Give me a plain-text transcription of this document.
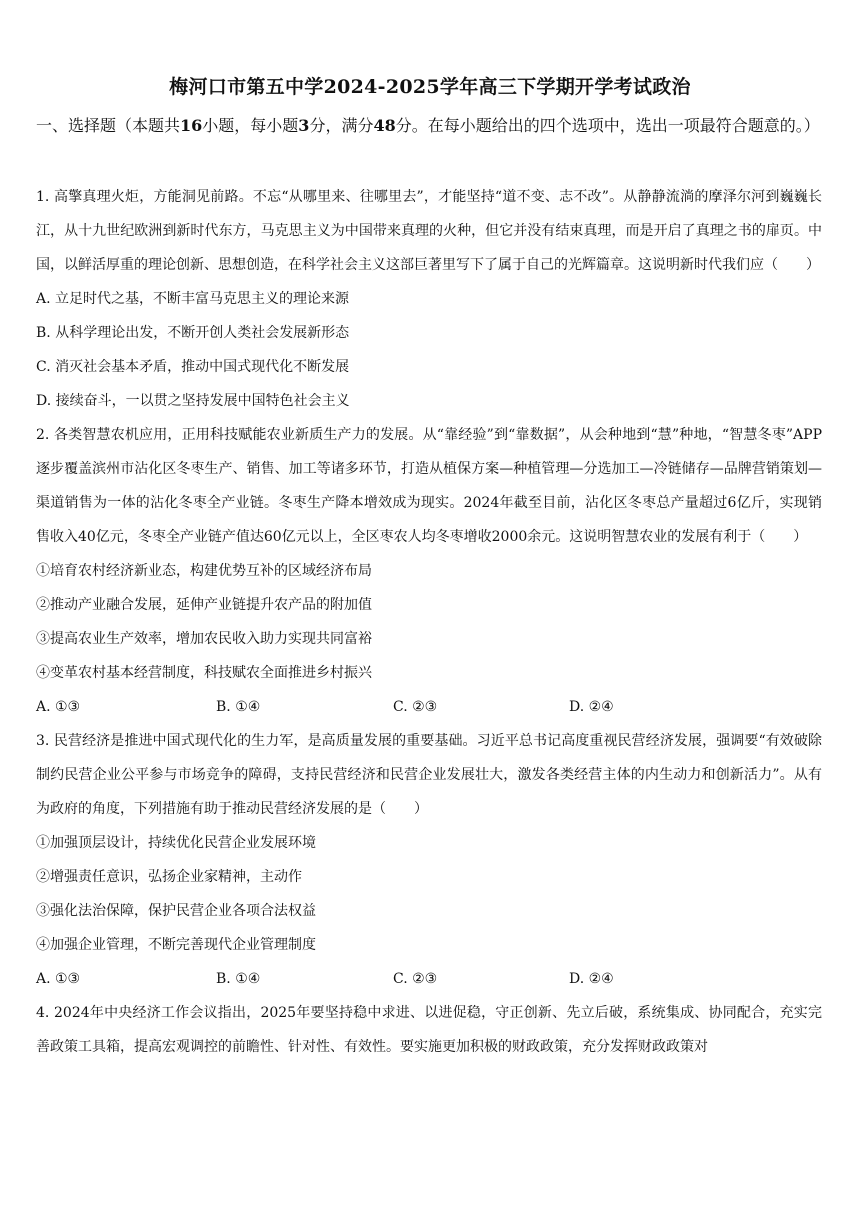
梅河口市第五中学2024-2025学年高三下学期开学考试政治
一、选择题（本题共16小题，每小题3分，满分48分。在每小题给出的四个选项中，选出一项最符合题意的。）

1. 高擎真理火炬，方能洞见前路。不忘“从哪里来、往哪里去”，才能坚持“道不变、志不改”。从静静流淌的摩泽尔河到巍巍长江，从十九世纪欧洲到新时代东方，马克思主义为中国带来真理的火种，但它并没有结束真理，而是开启了真理之书的扉页。中国，以鲜活厚重的理论创新、思想创造，在科学社会主义这部巨著里写下了属于自己的光辉篇章。这说明新时代我们应（　　）

A. 立足时代之基，不断丰富马克思主义的理论来源

B. 从科学理论出发，不断开创人类社会发展新形态

C. 消灭社会基本矛盾，推动中国式现代化不断发展

D. 接续奋斗，一以贯之坚持发展中国特色社会主义

2. 各类智慧农机应用，正用科技赋能农业新质生产力的发展。从“靠经验”到“靠数据”，从会种地到“慧”种地，“智慧冬枣”APP逐步覆盖滨州市沾化区冬枣生产、销售、加工等诸多环节，打造从植保方案—种植管理—分选加工—冷链储存—品牌营销策划—渠道销售为一体的沾化冬枣全产业链。冬枣生产降本增效成为现实。2024年截至目前，沾化区冬枣总产量超过6亿斤，实现销售收入40亿元，冬枣全产业链产值达60亿元以上，全区枣农人均冬枣增收2000余元。这说明智慧农业的发展有利于（　　）

①培育农村经济新业态，构建优势互补的区域经济布局

②推动产业融合发展，延伸产业链提升农产品的附加值

③提高农业生产效率，增加农民收入助力实现共同富裕

④变革农村基本经营制度，科技赋农全面推进乡村振兴

A. ①③	B. ①④	C. ②③	D. ②④

3. 民营经济是推进中国式现代化的生力军，是高质量发展的重要基础。习近平总书记高度重视民营经济发展，强调要“有效破除制约民营企业公平参与市场竞争的障碍，支持民营经济和民营企业发展壮大，激发各类经营主体的内生动力和创新活力”。从有为政府的角度，下列措施有助于推动民营经济发展的是（　　）

①加强顶层设计，持续优化民营企业发展环境

②增强责任意识，弘扬企业家精神，主动作

③强化法治保障，保护民营企业各项合法权益

④加强企业管理，不断完善现代企业管理制度

A. ①③	B. ①④	C. ②③	D. ②④

4. 2024年中央经济工作会议指出，2025年要坚持稳中求进、以进促稳，守正创新、先立后破，系统集成、协同配合，充实完善政策工具箱，提高宏观调控的前瞻性、针对性、有效性。要实施更加积极的财政政策，充分发挥财政政策对
